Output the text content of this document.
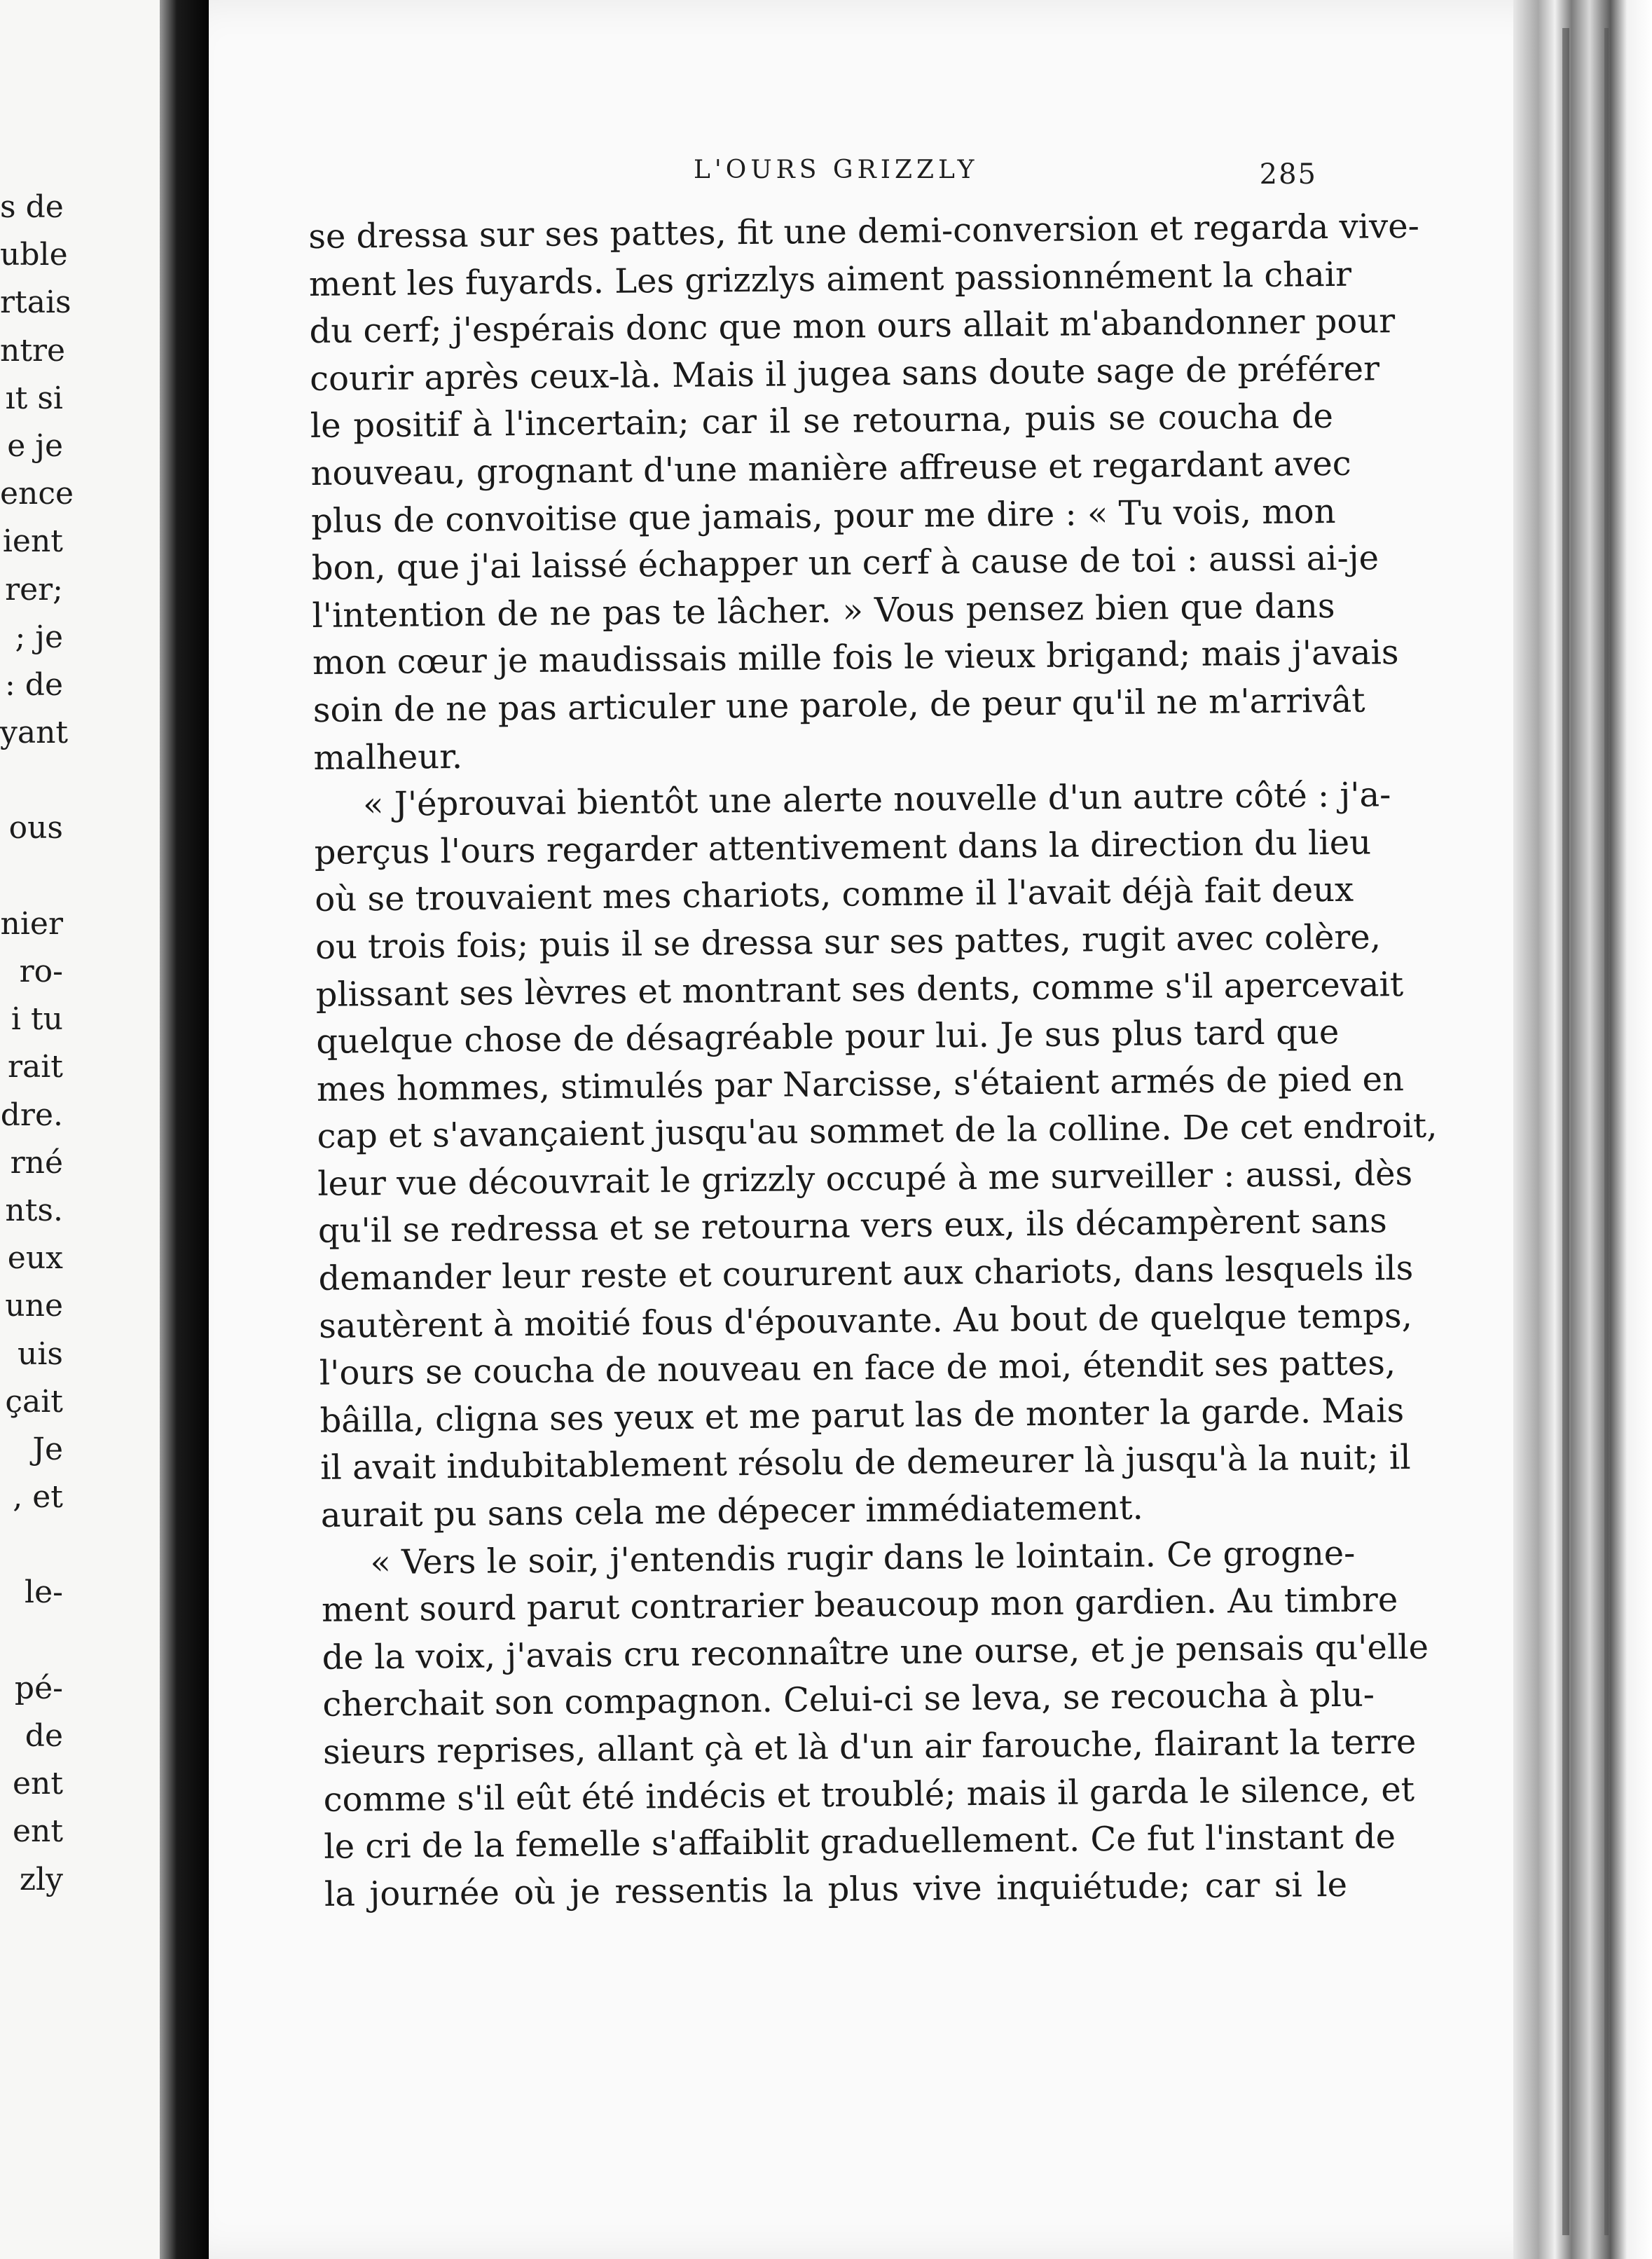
s de
uble
rtais
ntre
ıt si
e je
ence
ient
rer;
; je
: de
yant
ous
nier
ro-
i tu
rait
dre.
rné
nts.
eux
une
uis
çait
Je
, et
le-
pé-
de
ent
ent
zly
L'OURS GRIZZLY	285
se dressa sur ses pattes, fit une demi-conversion et regarda vive-
ment les fuyards. Les grizzlys aiment passionnément la chair
du cerf; j'espérais donc que mon ours allait m'abandonner pour
courir après ceux-là. Mais il jugea sans doute sage de préférer
le positif à l'incertain; car il se retourna, puis se coucha de
nouveau, grognant d'une manière affreuse et regardant avec
plus de convoitise que jamais, pour me dire : « Tu vois, mon
bon, que j'ai laissé échapper un cerf à cause de toi : aussi ai-je
l'intention de ne pas te lâcher. » Vous pensez bien que dans
mon cœur je maudissais mille fois le vieux brigand; mais j'avais
soin de ne pas articuler une parole, de peur qu'il ne m'arrivât
malheur.
« J'éprouvai bientôt une alerte nouvelle d'un autre côté : j'a-
perçus l'ours regarder attentivement dans la direction du lieu
où se trouvaient mes chariots, comme il l'avait déjà fait deux
ou trois fois; puis il se dressa sur ses pattes, rugit avec colère,
plissant ses lèvres et montrant ses dents, comme s'il apercevait
quelque chose de désagréable pour lui. Je sus plus tard que
mes hommes, stimulés par Narcisse, s'étaient armés de pied en
cap et s'avançaient jusqu'au sommet de la colline. De cet endroit,
leur vue découvrait le grizzly occupé à me surveiller : aussi, dès
qu'il se redressa et se retourna vers eux, ils décampèrent sans
demander leur reste et coururent aux chariots, dans lesquels ils
sautèrent à moitié fous d'épouvante. Au bout de quelque temps,
l'ours se coucha de nouveau en face de moi, étendit ses pattes,
bâilla, cligna ses yeux et me parut las de monter la garde. Mais
il avait indubitablement résolu de demeurer là jusqu'à la nuit; il
aurait pu sans cela me dépecer immédiatement.
« Vers le soir, j'entendis rugir dans le lointain. Ce grogne-
ment sourd parut contrarier beaucoup mon gardien. Au timbre
de la voix, j'avais cru reconnaître une ourse, et je pensais qu'elle
cherchait son compagnon. Celui-ci se leva, se recoucha à plu-
sieurs reprises, allant çà et là d'un air farouche, flairant la terre
comme s'il eût été indécis et troublé; mais il garda le silence, et
le cri de la femelle s'affaiblit graduellement. Ce fut l'instant de
la journée où je ressentis la plus vive inquiétude; car si le
